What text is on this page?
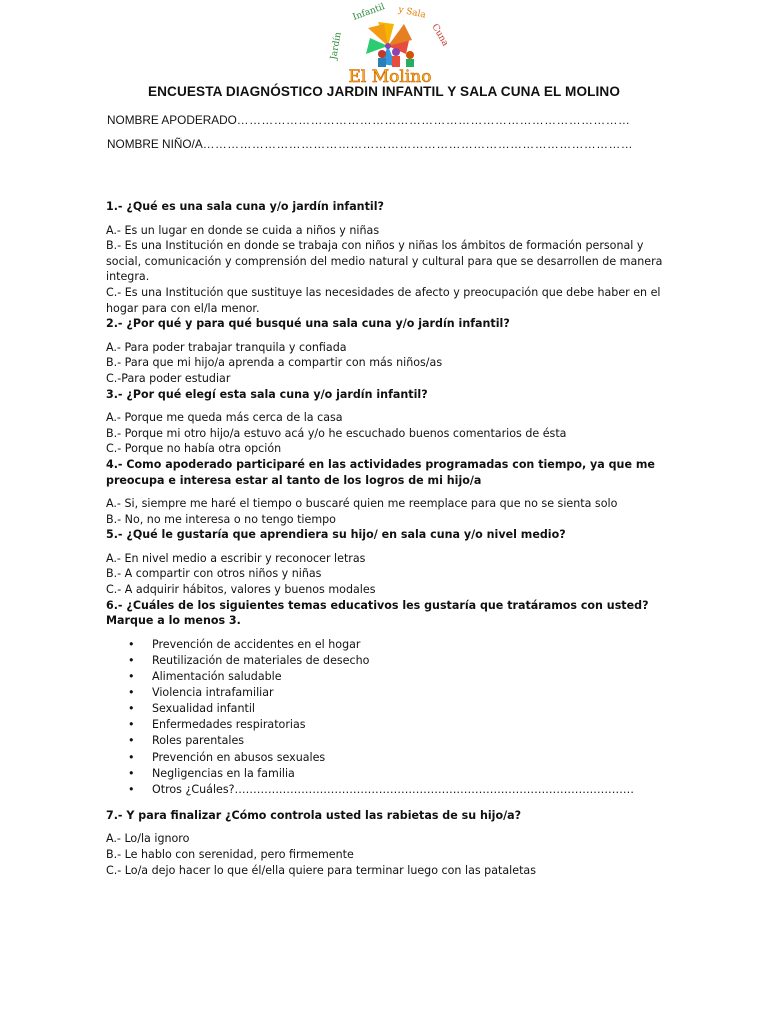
Jardín
Infantil y Sala
Cuna
El Molino
ENCUESTA DIAGNÓSTICO JARDIN INFANTIL Y SALA CUNA EL MOLINO
NOMBRE APODERADO……………………………………………………………………………………
NOMBRE NIÑO/A……………………………………………………………………………………………

1.- ¿Qué es una sala cuna y/o jardín infantil?

A.- Es un lugar en donde se cuida a niños y niñas

B.- Es una Institución en donde se trabaja con niños y niñas los ámbitos de formación personal y social, comunicación y comprensión del medio natural y cultural para que se desarrollen de manera integra.

C.- Es una Institución que sustituye las necesidades de afecto y preocupación que debe haber en el hogar para con el/la menor.

2.- ¿Por qué y para qué busqué una sala cuna y/o jardín infantil?

A.- Para poder trabajar tranquila y confiada

B.- Para que mi hijo/a aprenda a compartir con más niños/as

C.-Para poder estudiar

3.- ¿Por qué elegí esta sala cuna y/o jardín infantil?

A.- Porque me queda más cerca de la casa

B.- Porque mi otro hijo/a estuvo acá y/o he escuchado buenos comentarios de ésta

C.- Porque no había otra opción

4.- Como apoderado participaré en las actividades programadas con tiempo, ya que me preocupa e interesa estar al tanto de los logros de mi hijo/a

A.- Si, siempre me haré el tiempo o buscaré quien me reemplace para que no se sienta solo

B.- No, no me interesa o no tengo tiempo

5.- ¿Qué le gustaría que aprendiera su hijo/ en sala cuna y/o nivel medio?

A.- En nivel medio a escribir y reconocer letras

B.- A compartir con otros niños y niñas

C.- A adquirir hábitos, valores y buenos modales

6.- ¿Cuáles de los siguientes temas educativos les gustaría que tratáramos con usted? Marque a lo menos 3.

• Prevención de accidentes en el hogar
• Reutilización de materiales de desecho
• Alimentación saludable
• Violencia intrafamiliar
• Sexualidad infantil
• Enfermedades respiratorias
• Roles parentales
• Prevención en abusos sexuales
• Negligencias en la familia
• Otros ¿Cuáles?………………………………………………………………………………………………

7.- Y para finalizar ¿Cómo controla usted las rabietas de su hijo/a?

A.- Lo/la ignoro

B.- Le hablo con serenidad, pero firmemente

C.- Lo/a dejo hacer lo que él/ella quiere para terminar luego con las pataletas
